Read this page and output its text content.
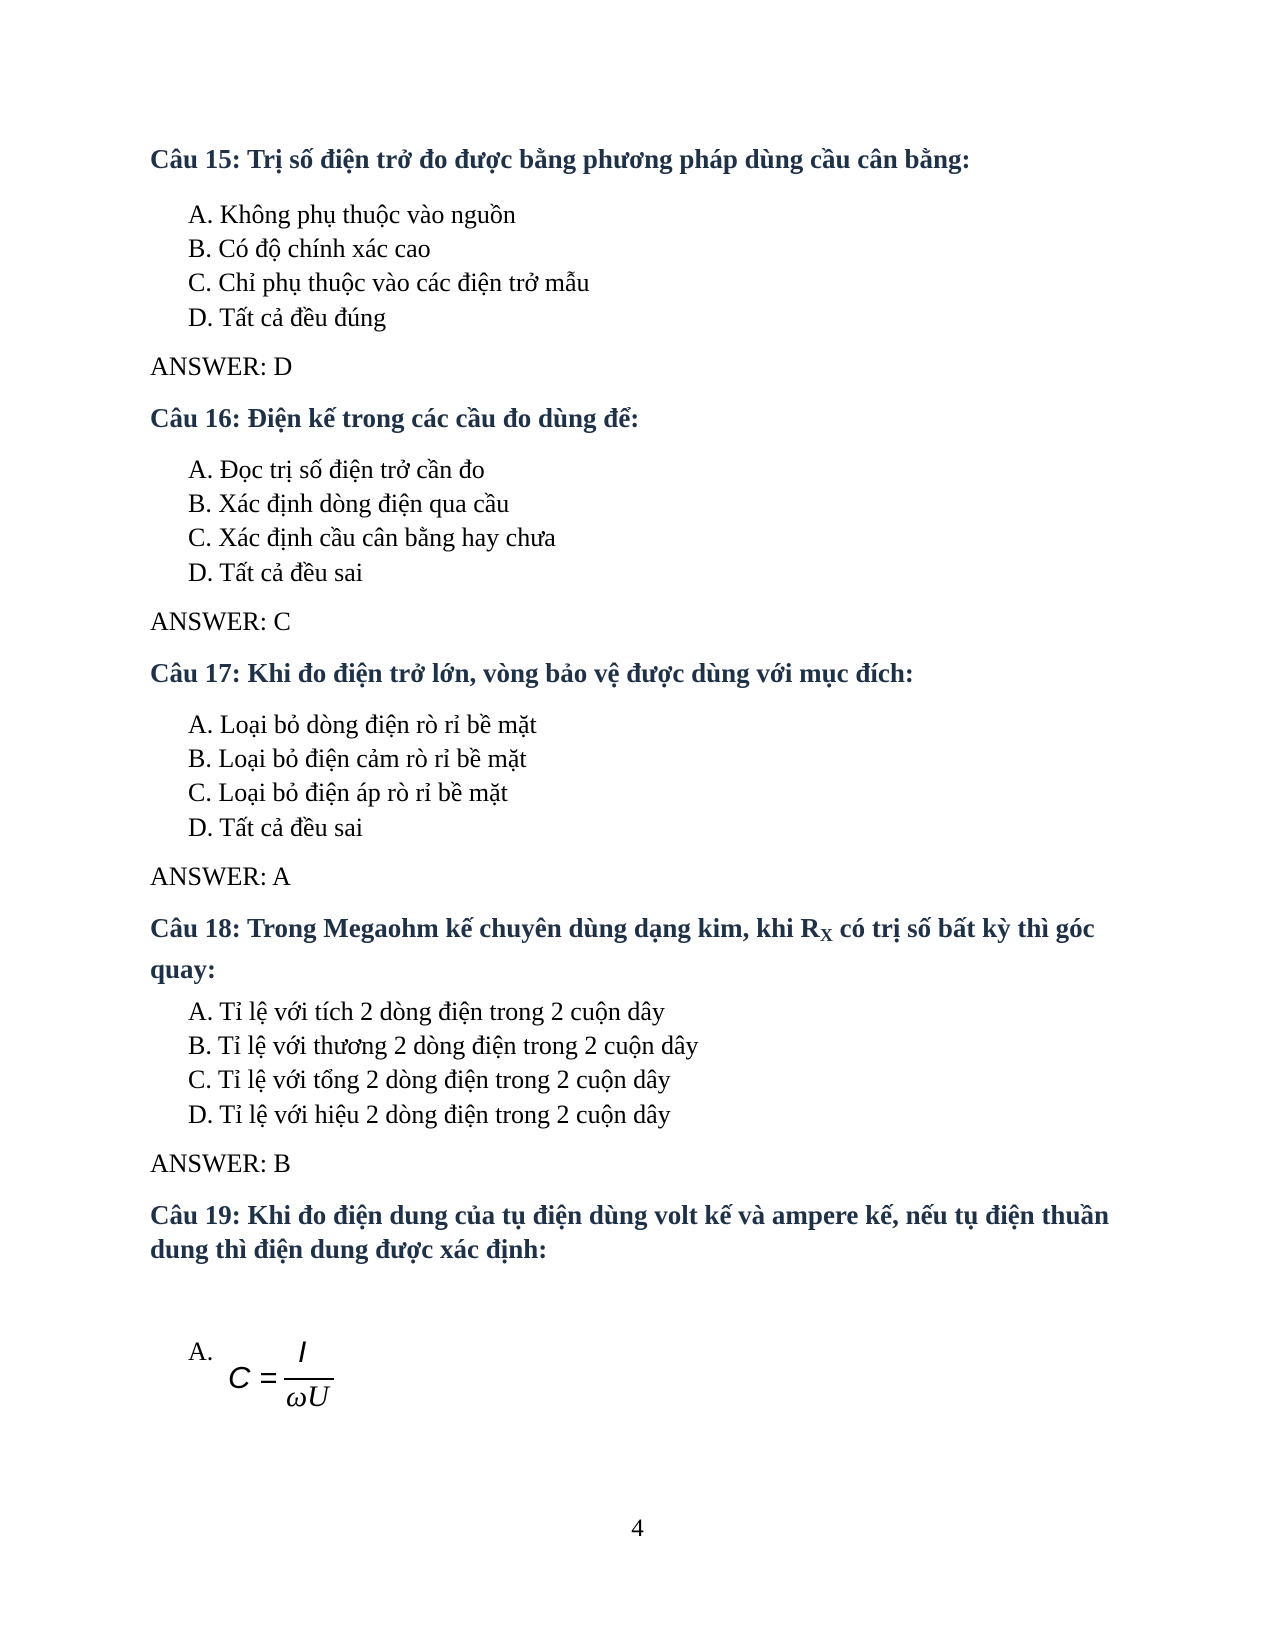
Câu 15: Trị số điện trở đo được bằng phương pháp dùng cầu cân bằng:
A. Không phụ thuộc vào nguồn
B. Có độ chính xác cao
C. Chỉ phụ thuộc vào các điện trở mẫu
D. Tất cả đều đúng
ANSWER: D
Câu 16: Điện kế trong các cầu đo dùng để:
A. Đọc trị số điện trở cần đo
B. Xác định dòng điện qua cầu
C. Xác định cầu cân bằng hay chưa
D. Tất cả đều sai
ANSWER: C
Câu 17: Khi đo điện trở lớn, vòng bảo vệ được dùng với mục đích:
A. Loại bỏ dòng điện rò rỉ bề mặt
B. Loại bỏ điện cảm rò rỉ bề mặt
C. Loại bỏ điện áp rò rỉ bề mặt
D. Tất cả đều sai
ANSWER: A
Câu 18: Trong Megaohm kế chuyên dùng dạng kim, khi $R_X$ có trị số bất kỳ thì góc quay:
A. Tỉ lệ với tích 2 dòng điện trong 2 cuộn dây
B. Tỉ lệ với thương 2 dòng điện trong 2 cuộn dây
C. Tỉ lệ với tổng 2 dòng điện trong 2 cuộn dây
D. Tỉ lệ với hiệu 2 dòng điện trong 2 cuộn dây
ANSWER: B
Câu 19: Khi đo điện dung của tụ điện dùng volt kế và ampere kế, nếu tụ điện thuần dung thì điện dung được xác định:
A.
C =
I
ωU
4
